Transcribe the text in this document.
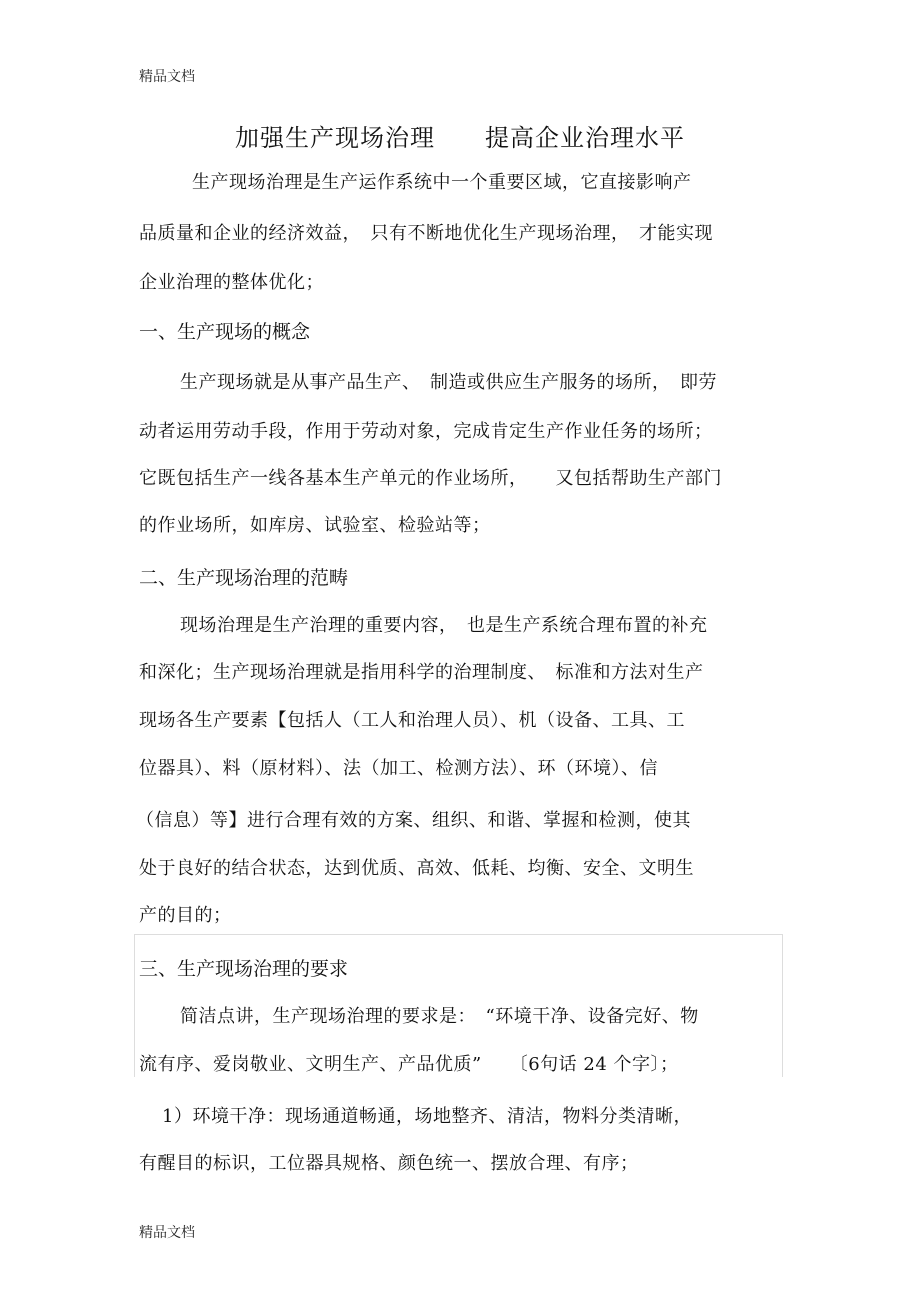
精品文档
加强生产现场治理　　提高企业治理水平
生产现场治理是生产运作系统中一个重要区域，它直接影响产
品质量和企业的经济效益，　只有不断地优化生产现场治理，　才能实现
企业治理的整体优化；
一、生产现场的概念
生产现场就是从事产品生产、　制造或供应生产服务的场所，　即劳
动者运用劳动手段，作用于劳动对象，完成肯定生产作业任务的场所；
它既包括生产一线各基本生产单元的作业场所，　　又包括帮助生产部门
的作业场所，如库房、试验室、检验站等；
二、生产现场治理的范畴
现场治理是生产治理的重要内容，　也是生产系统合理布置的补充
和深化；生产现场治理就是指用科学的治理制度、　标准和方法对生产
现场各生产要素【包括人（工人和治理人员）、机（设备、工具、工
位器具）、料（原材料）、法（加工、检测方法）、环（环境）、信
（信息）等】进行合理有效的方案、组织、和谐、掌握和检测，使其
处于良好的结合状态，达到优质、高效、低耗、均衡、安全、文明生
产的目的；
三、生产现场治理的要求
简洁点讲，生产现场治理的要求是：　“环境干净、设备完好、物
流有序、爱岗敬业、文明生产、产品优质”　　〔6句话 24 个字〕；
1）环境干净：现场通道畅通，场地整齐、清洁，物料分类清晰，
有醒目的标识，工位器具规格、颜色统一、摆放合理、有序；
精品文档
